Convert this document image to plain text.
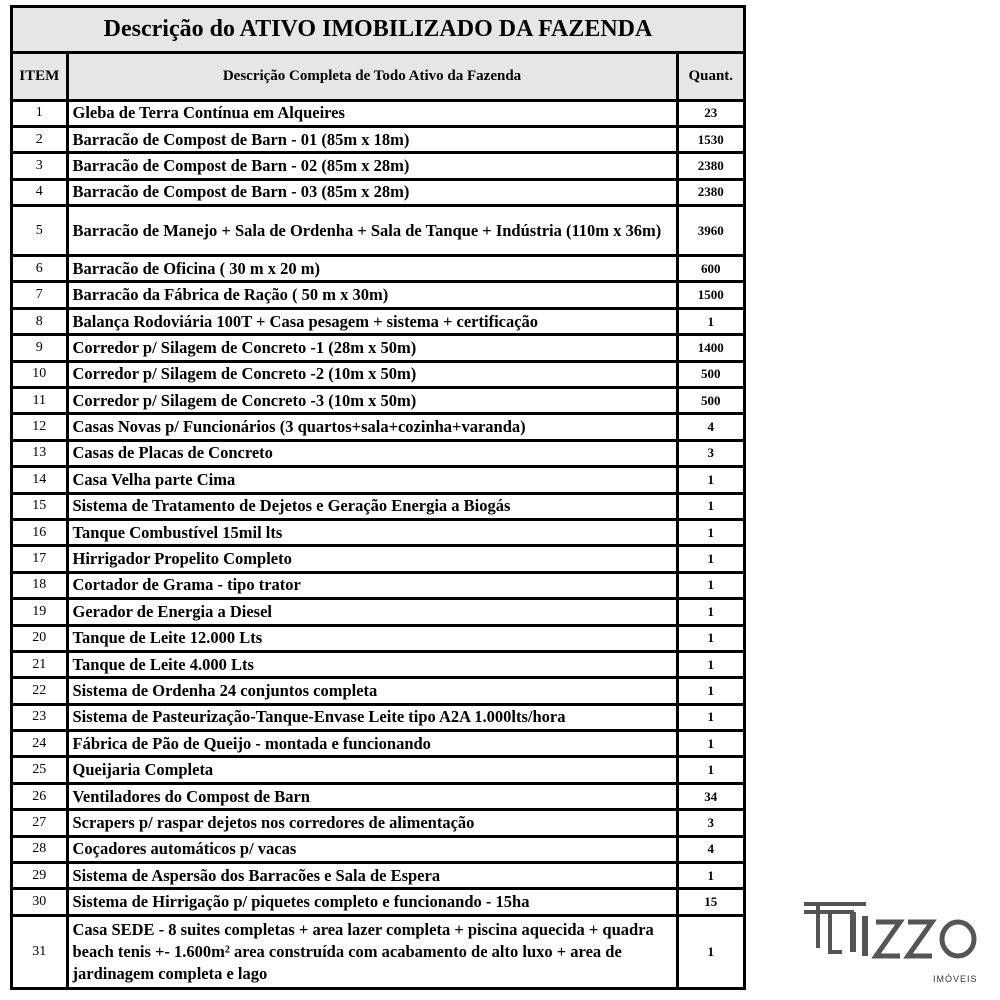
Descrição do ATIVO IMOBILIZADO DA FAZENDA
ITEM	Descrição Completa de Todo Ativo da Fazenda	Quant.
1	Gleba de Terra Contínua em Alqueires	23
2	Barracão de Compost de Barn - 01 (85m x 18m)	1530
3	Barracão de Compost de Barn - 02 (85m x 28m)	2380
4	Barracão de Compost de Barn - 03 (85m x 28m)	2380
5	Barracão de Manejo + Sala de Ordenha + Sala de Tanque + Indústria (110m x 36m)	3960
6	Barracão de Oficina ( 30 m x 20 m)	600
7	Barracão da Fábrica de Ração ( 50 m x 30m)	1500
8	Balança Rodoviária 100T + Casa pesagem + sistema + certificação	1
9	Corredor p/ Silagem de Concreto -1 (28m x 50m)	1400
10	Corredor p/ Silagem de Concreto -2 (10m x 50m)	500
11	Corredor p/ Silagem de Concreto -3 (10m x 50m)	500
12	Casas Novas p/ Funcionários (3 quartos+sala+cozinha+varanda)	4
13	Casas de Placas de Concreto	3
14	Casa Velha parte Cima	1
15	Sistema de Tratamento de Dejetos e Geração Energia a Biogás	1
16	Tanque Combustível 15mil lts	1
17	Hirrigador Propelito Completo	1
18	Cortador de Grama - tipo trator	1
19	Gerador de Energia a Diesel	1
20	Tanque de Leite 12.000 Lts	1
21	Tanque de Leite 4.000 Lts	1
22	Sistema de Ordenha 24 conjuntos completa	1
23	Sistema de Pasteurização-Tanque-Envase Leite tipo A2A 1.000lts/hora	1
24	Fábrica de Pão de Queijo - montada e funcionando	1
25	Queijaria Completa	1
26	Ventiladores do Compost de Barn	34
27	Scrapers p/ raspar dejetos nos corredores de alimentação	3
28	Coçadores automáticos p/ vacas	4
29	Sistema de Aspersão dos Barracões e Sala de Espera	1
30	Sistema de Hirrigação p/ piquetes completo e funcionando - 15ha	15
31	Casa SEDE - 8 suites completas + area lazer completa + piscina aquecida + quadra beach tenis +- 1.600m² area construída com acabamento de alto luxo + area de jardinagem completa e lago	1
IMÓVEIS
